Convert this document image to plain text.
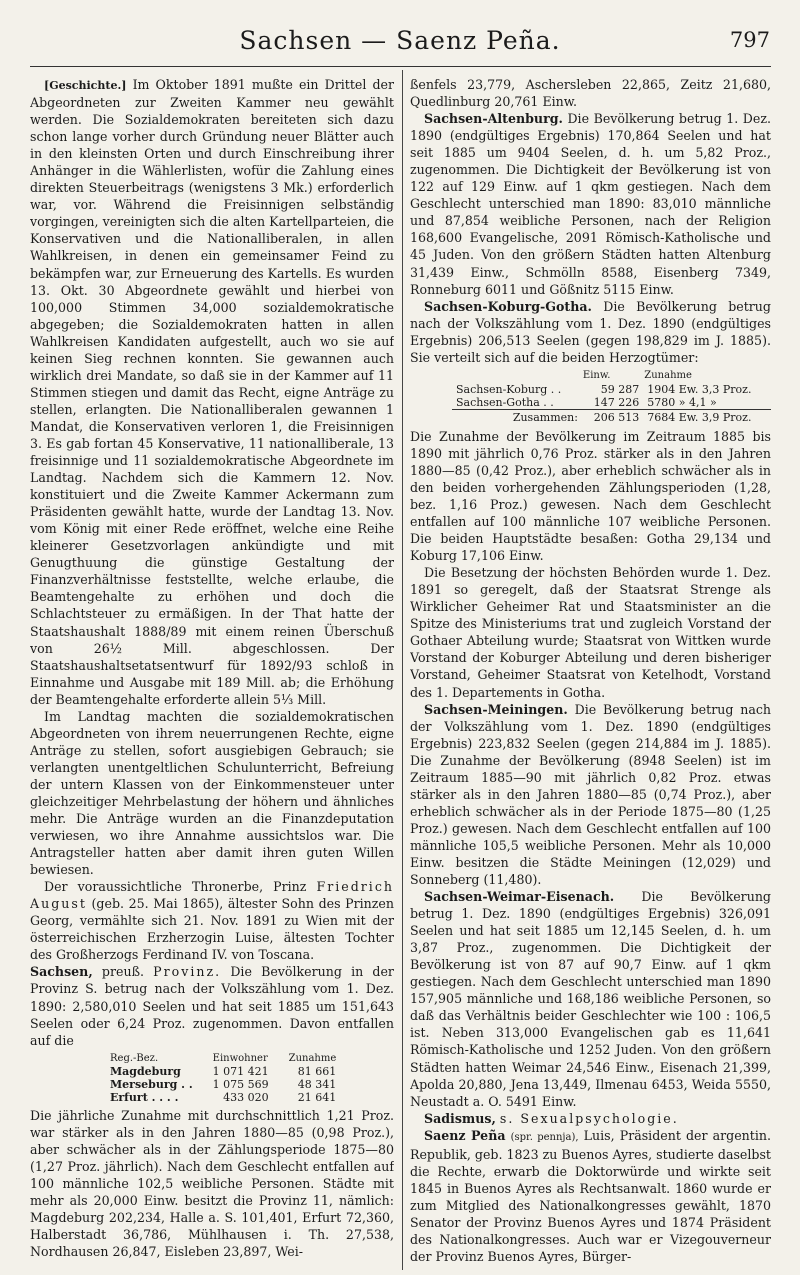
Sachsen — Saenz Peña.	797

[Geschichte.] Im Oktober 1891 mußte ein Drittel der Abgeordneten zur Zweiten Kammer neu gewählt werden. Die Sozialdemokraten bereiteten sich dazu schon lange vorher durch Gründung neuer Blätter auch in den kleinsten Orten und durch Einschreibung ihrer Anhänger in die Wählerlisten, wofür die Zahlung eines direkten Steuerbeitrags (wenigstens 3 Mk.) erforderlich war, vor. Während die Freisinnigen selbständig vorgingen, vereinigten sich die alten Kartellparteien, die Konservativen und die Nationalliberalen, in allen Wahlkreisen, in denen ein gemeinsamer Feind zu bekämpfen war, zur Erneuerung des Kartells. Es wurden 13. Okt. 30 Abgeordnete gewählt und hierbei von 100,000 Stimmen 34,000 sozialdemokratische abgegeben; die Sozialdemokraten hatten in allen Wahlkreisen Kandidaten aufgestellt, auch wo sie auf keinen Sieg rechnen konnten. Sie gewannen auch wirklich drei Mandate, so daß sie in der Kammer auf 11 Stimmen stiegen und damit das Recht, eigne Anträge zu stellen, erlangten. Die Nationalliberalen gewannen 1 Mandat, die Konservativen verloren 1, die Freisinnigen 3. Es gab fortan 45 Konservative, 11 nationalliberale, 13 freisinnige und 11 sozialdemokratische Abgeordnete im Landtag. Nachdem sich die Kammern 12. Nov. konstituiert und die Zweite Kammer Ackermann zum Präsidenten gewählt hatte, wurde der Landtag 13. Nov. vom König mit einer Rede eröffnet, welche eine Reihe kleinerer Gesetzvorlagen ankündigte und mit Genugthuung die günstige Gestaltung der Finanzverhältnisse feststellte, welche erlaube, die Beamtengehalte zu erhöhen und doch die Schlachtsteuer zu ermäßigen. In der That hatte der Staatshaushalt 1888/89 mit einem reinen Überschuß von 26½ Mill. abgeschlossen. Der Staatshaushaltsetatsentwurf für 1892/93 schloß in Einnahme und Ausgabe mit 189 Mill. ab; die Erhöhung der Beamtengehalte erforderte allein 5⅓ Mill.

Im Landtag machten die sozialdemokratischen Abgeordneten von ihrem neuerrungenen Rechte, eigne Anträge zu stellen, sofort ausgiebigen Gebrauch; sie verlangten unentgeltlichen Schulunterricht, Befreiung der untern Klassen von der Einkommensteuer unter gleichzeitiger Mehrbelastung der höhern und ähnliches mehr. Die Anträge wurden an die Finanzdeputation verwiesen, wo ihre Annahme aussichtslos war. Die Antragsteller hatten aber damit ihren guten Willen bewiesen.

Der voraussichtliche Thronerbe, Prinz Friedrich August (geb. 25. Mai 1865), ältester Sohn des Prinzen Georg, vermählte sich 21. Nov. 1891 zu Wien mit der österreichischen Erzherzogin Luise, ältesten Tochter des Großherzogs Ferdinand IV. von Toscana.

Sachsen, preuß. Provinz. Die Bevölkerung in der Provinz S. betrug nach der Volkszählung vom 1. Dez. 1890: 2,580,010 Seelen und hat seit 1885 um 151,643 Seelen oder 6,24 Proz. zugenommen. Davon entfallen auf die

Reg.-Bez.	Einwohner	Zunahme
Magdeburg	1 071 421	81 661
Merseburg . .	1 075 569	48 341
Erfurt . . . .	433 020	21 641

Die jährliche Zunahme mit durchschnittlich 1,21 Proz. war stärker als in den Jahren 1880—85 (0,98 Proz.), aber schwächer als in der Zählungsperiode 1875—80 (1,27 Proz. jährlich). Nach dem Geschlecht entfallen auf 100 männliche 102,5 weibliche Personen. Städte mit mehr als 20,000 Einw. besitzt die Provinz 11, nämlich: Magdeburg 202,234, Halle a. S. 101,401, Erfurt 72,360, Halberstadt 36,786, Mühlhausen i. Th. 27,538, Nordhausen 26,847, Eisleben 23,897, Wei-

ßenfels 23,779, Aschersleben 22,865, Zeitz 21,680, Quedlinburg 20,761 Einw.

Sachsen-Altenburg. Die Bevölkerung betrug 1. Dez. 1890 (endgültiges Ergebnis) 170,864 Seelen und hat seit 1885 um 9404 Seelen, d. h. um 5,82 Proz., zugenommen. Die Dichtigkeit der Bevölkerung ist von 122 auf 129 Einw. auf 1 qkm gestiegen. Nach dem Geschlecht unterschied man 1890: 83,010 männliche und 87,854 weibliche Personen, nach der Religion 168,600 Evangelische, 2091 Römisch-Katholische und 45 Juden. Von den größern Städten hatten Altenburg 31,439 Einw., Schmölln 8588, Eisenberg 7349, Ronneburg 6011 und Gößnitz 5115 Einw.

Sachsen-Koburg-Gotha. Die Bevölkerung betrug nach der Volkszählung vom 1. Dez. 1890 (endgültiges Ergebnis) 206,513 Seelen (gegen 198,829 im J. 1885). Sie verteilt sich auf die beiden Herzogtümer:

	Einw.	Zunahme
Sachsen-Koburg . .	59 287	1904 Ew. 3,3 Proz.
Sachsen-Gotha . .	147 226	5780 » 4,1 »
Zusammen:	206 513	7684 Ew. 3,9 Proz.

Die Zunahme der Bevölkerung im Zeitraum 1885 bis 1890 mit jährlich 0,76 Proz. stärker als in den Jahren 1880—85 (0,42 Proz.), aber erheblich schwächer als in den beiden vorhergehenden Zählungsperioden (1,28, bez. 1,16 Proz.) gewesen. Nach dem Geschlecht entfallen auf 100 männliche 107 weibliche Personen. Die beiden Hauptstädte besaßen: Gotha 29,134 und Koburg 17,106 Einw.

Die Besetzung der höchsten Behörden wurde 1. Dez. 1891 so geregelt, daß der Staatsrat Strenge als Wirklicher Geheimer Rat und Staatsminister an die Spitze des Ministeriums trat und zugleich Vorstand der Gothaer Abteilung wurde; Staatsrat von Wittken wurde Vorstand der Koburger Abteilung und deren bisheriger Vorstand, Geheimer Staatsrat von Ketelhodt, Vorstand des 1. Departements in Gotha.

Sachsen-Meiningen. Die Bevölkerung betrug nach der Volkszählung vom 1. Dez. 1890 (endgültiges Ergebnis) 223,832 Seelen (gegen 214,884 im J. 1885). Die Zunahme der Bevölkerung (8948 Seelen) ist im Zeitraum 1885—90 mit jährlich 0,82 Proz. etwas stärker als in den Jahren 1880—85 (0,74 Proz.), aber erheblich schwächer als in der Periode 1875—80 (1,25 Proz.) gewesen. Nach dem Geschlecht entfallen auf 100 männliche 105,5 weibliche Personen. Mehr als 10,000 Einw. besitzen die Städte Meiningen (12,029) und Sonneberg (11,480).

Sachsen-Weimar-Eisenach. Die Bevölkerung betrug 1. Dez. 1890 (endgültiges Ergebnis) 326,091 Seelen und hat seit 1885 um 12,145 Seelen, d. h. um 3,87 Proz., zugenommen. Die Dichtigkeit der Bevölkerung ist von 87 auf 90,7 Einw. auf 1 qkm gestiegen. Nach dem Geschlecht unterschied man 1890 157,905 männliche und 168,186 weibliche Personen, so daß das Verhältnis beider Geschlechter wie 100 : 106,5 ist. Neben 313,000 Evangelischen gab es 11,641 Römisch-Katholische und 1252 Juden. Von den größern Städten hatten Weimar 24,546 Einw., Eisenach 21,399, Apolda 20,880, Jena 13,449, Ilmenau 6453, Weida 5550, Neustadt a. O. 5491 Einw.

Sadismus, s. Sexualpsychologie.

Saenz Peña (spr. pennja), Luis, Präsident der argentin. Republik, geb. 1823 zu Buenos Ayres, studierte daselbst die Rechte, erwarb die Doktorwürde und wirkte seit 1845 in Buenos Ayres als Rechtsanwalt. 1860 wurde er zum Mitglied des Nationalkongresses gewählt, 1870 Senator der Provinz Buenos Ayres und 1874 Präsident des Nationalkongresses. Auch war er Vizegouverneur der Provinz Buenos Ayres, Bürger-
